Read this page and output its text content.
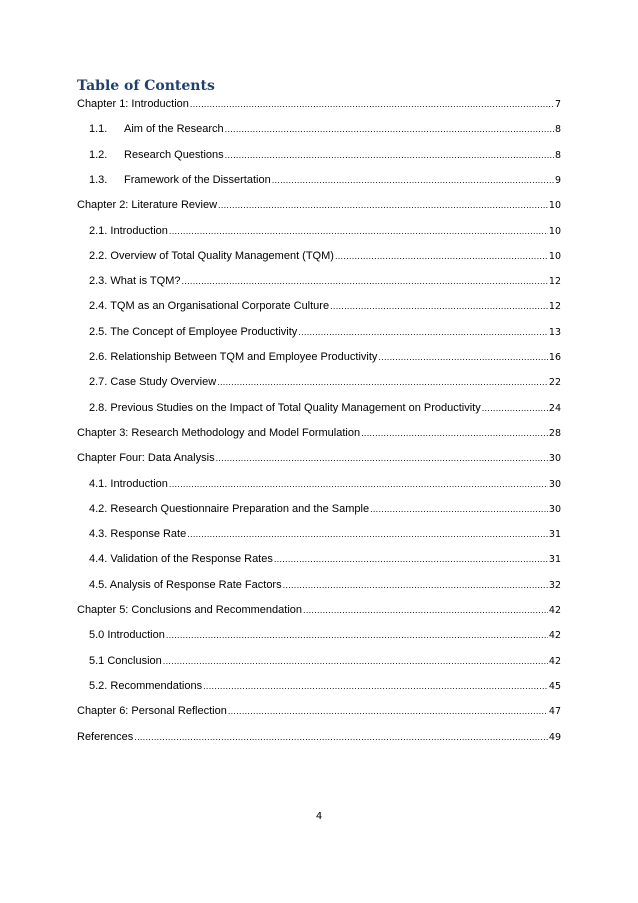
Table of Contents
Chapter 1: Introduction .....	7
1.1.	Aim of the Research .....	8
1.2.	Research Questions .....	8
1.3.	Framework of the Dissertation .....	9
Chapter 2: Literature Review .....	10
2.1. Introduction .....	10
2.2. Overview of Total Quality Management (TQM) .....	10
2.3. What is TQM? .....	12
2.4. TQM as an Organisational Corporate Culture .....	12
2.5. The Concept of Employee Productivity .....	13
2.6. Relationship Between TQM and Employee Productivity .....	16
2.7. Case Study Overview .....	22
2.8. Previous Studies on the Impact of Total Quality Management on Productivity .....	24
Chapter 3: Research Methodology and Model Formulation .....	28
Chapter Four: Data Analysis .....	30
4.1. Introduction .....	30
4.2. Research Questionnaire Preparation and the Sample .....	30
4.3. Response Rate .....	31
4.4. Validation of the Response Rates .....	31
4.5. Analysis of Response Rate Factors .....	32
Chapter 5: Conclusions and Recommendation .....	42
5.0 Introduction .....	42
5.1 Conclusion .....	42
5.2. Recommendations .....	45
Chapter 6: Personal Reflection .....	47
References .....	49
4
